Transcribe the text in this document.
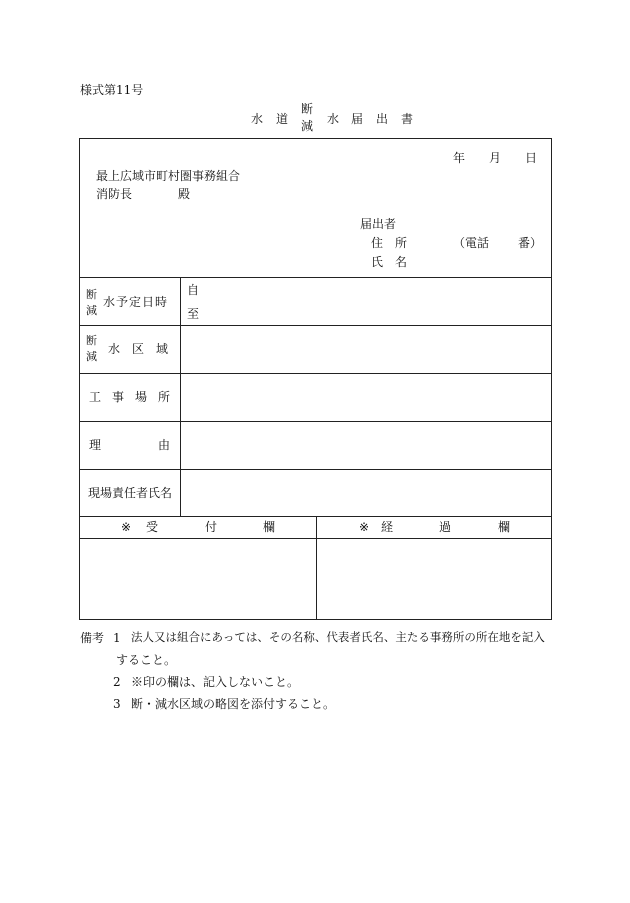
様式第11号
水 道
断
減 水 届 出 書
年 月 日
最上広域市町村圏事務組合
消防長	殿
届出者
住 所	（電話 番）
氏 名
断
減
水予定日時
自
至
断
減
水 区 域
工 事 場 所
理	由
現場責任者氏名
※ 受	付	欄	※ 経	過	欄
備考 1 法人又は組合にあっては、その名称、代表者氏名、主たる事務所の所在地を記入
すること。
2 ※印の欄は、記入しないこと。
3 断・減水区域の略図を添付すること。
